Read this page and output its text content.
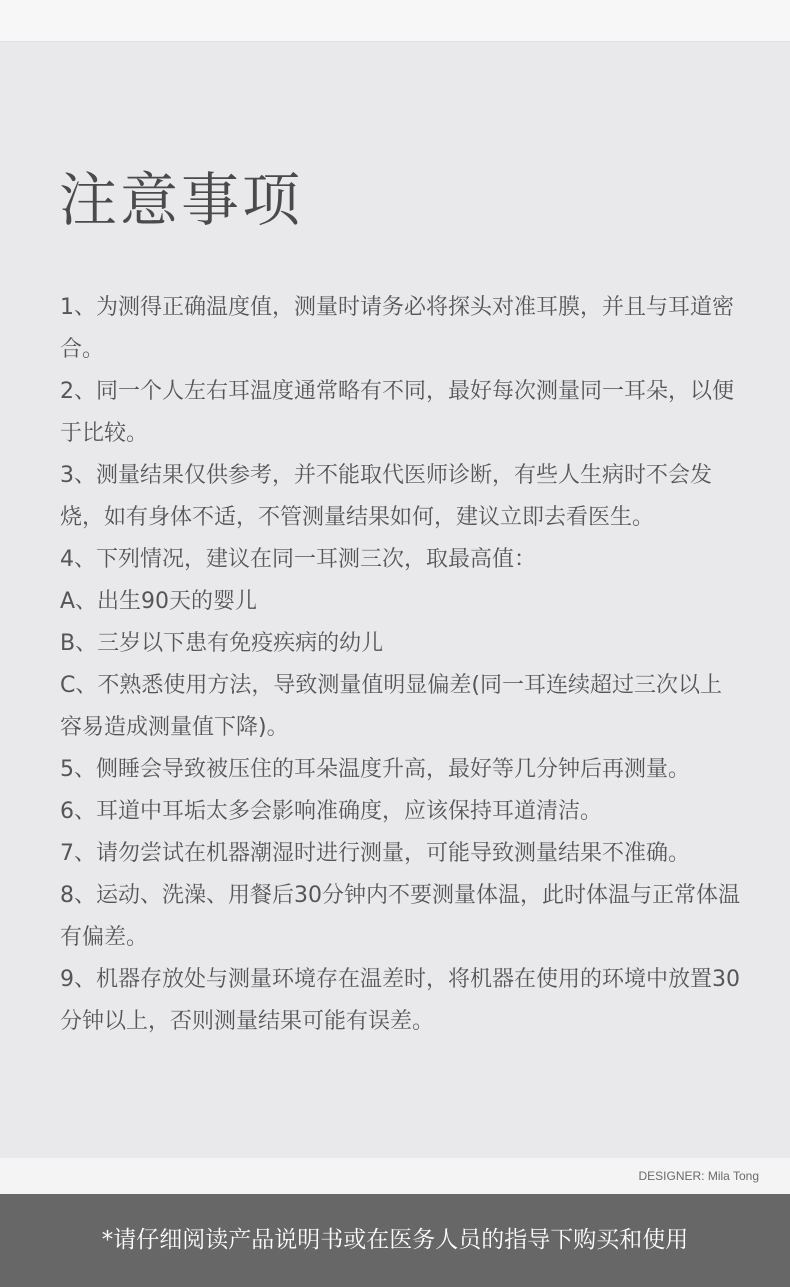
注意事项
1、为测得正确温度值，测量时请务必将探头对准耳膜，并且与耳道密合。
2、同一个人左右耳温度通常略有不同，最好每次测量同一耳朵，以便于比较。
3、测量结果仅供参考，并不能取代医师诊断，有些人生病时不会发烧，如有身体不适，不管测量结果如何，建议立即去看医生。
4、下列情况，建议在同一耳测三次，取最高值：
A、出生90天的婴儿
B、三岁以下患有免疫疾病的幼儿
C、不熟悉使用方法，导致测量值明显偏差(同一耳连续超过三次以上容易造成测量值下降)。
5、侧睡会导致被压住的耳朵温度升高，最好等几分钟后再测量。
6、耳道中耳垢太多会影响准确度，应该保持耳道清洁。
7、请勿尝试在机器潮湿时进行测量，可能导致测量结果不准确。
8、运动、洗澡、用餐后30分钟内不要测量体温，此时体温与正常体温有偏差。
9、机器存放处与测量环境存在温差时，将机器在使用的环境中放置30分钟以上，否则测量结果可能有误差。
DESIGNER: Mila Tong
*请仔细阅读产品说明书或在医务人员的指导下购买和使用
